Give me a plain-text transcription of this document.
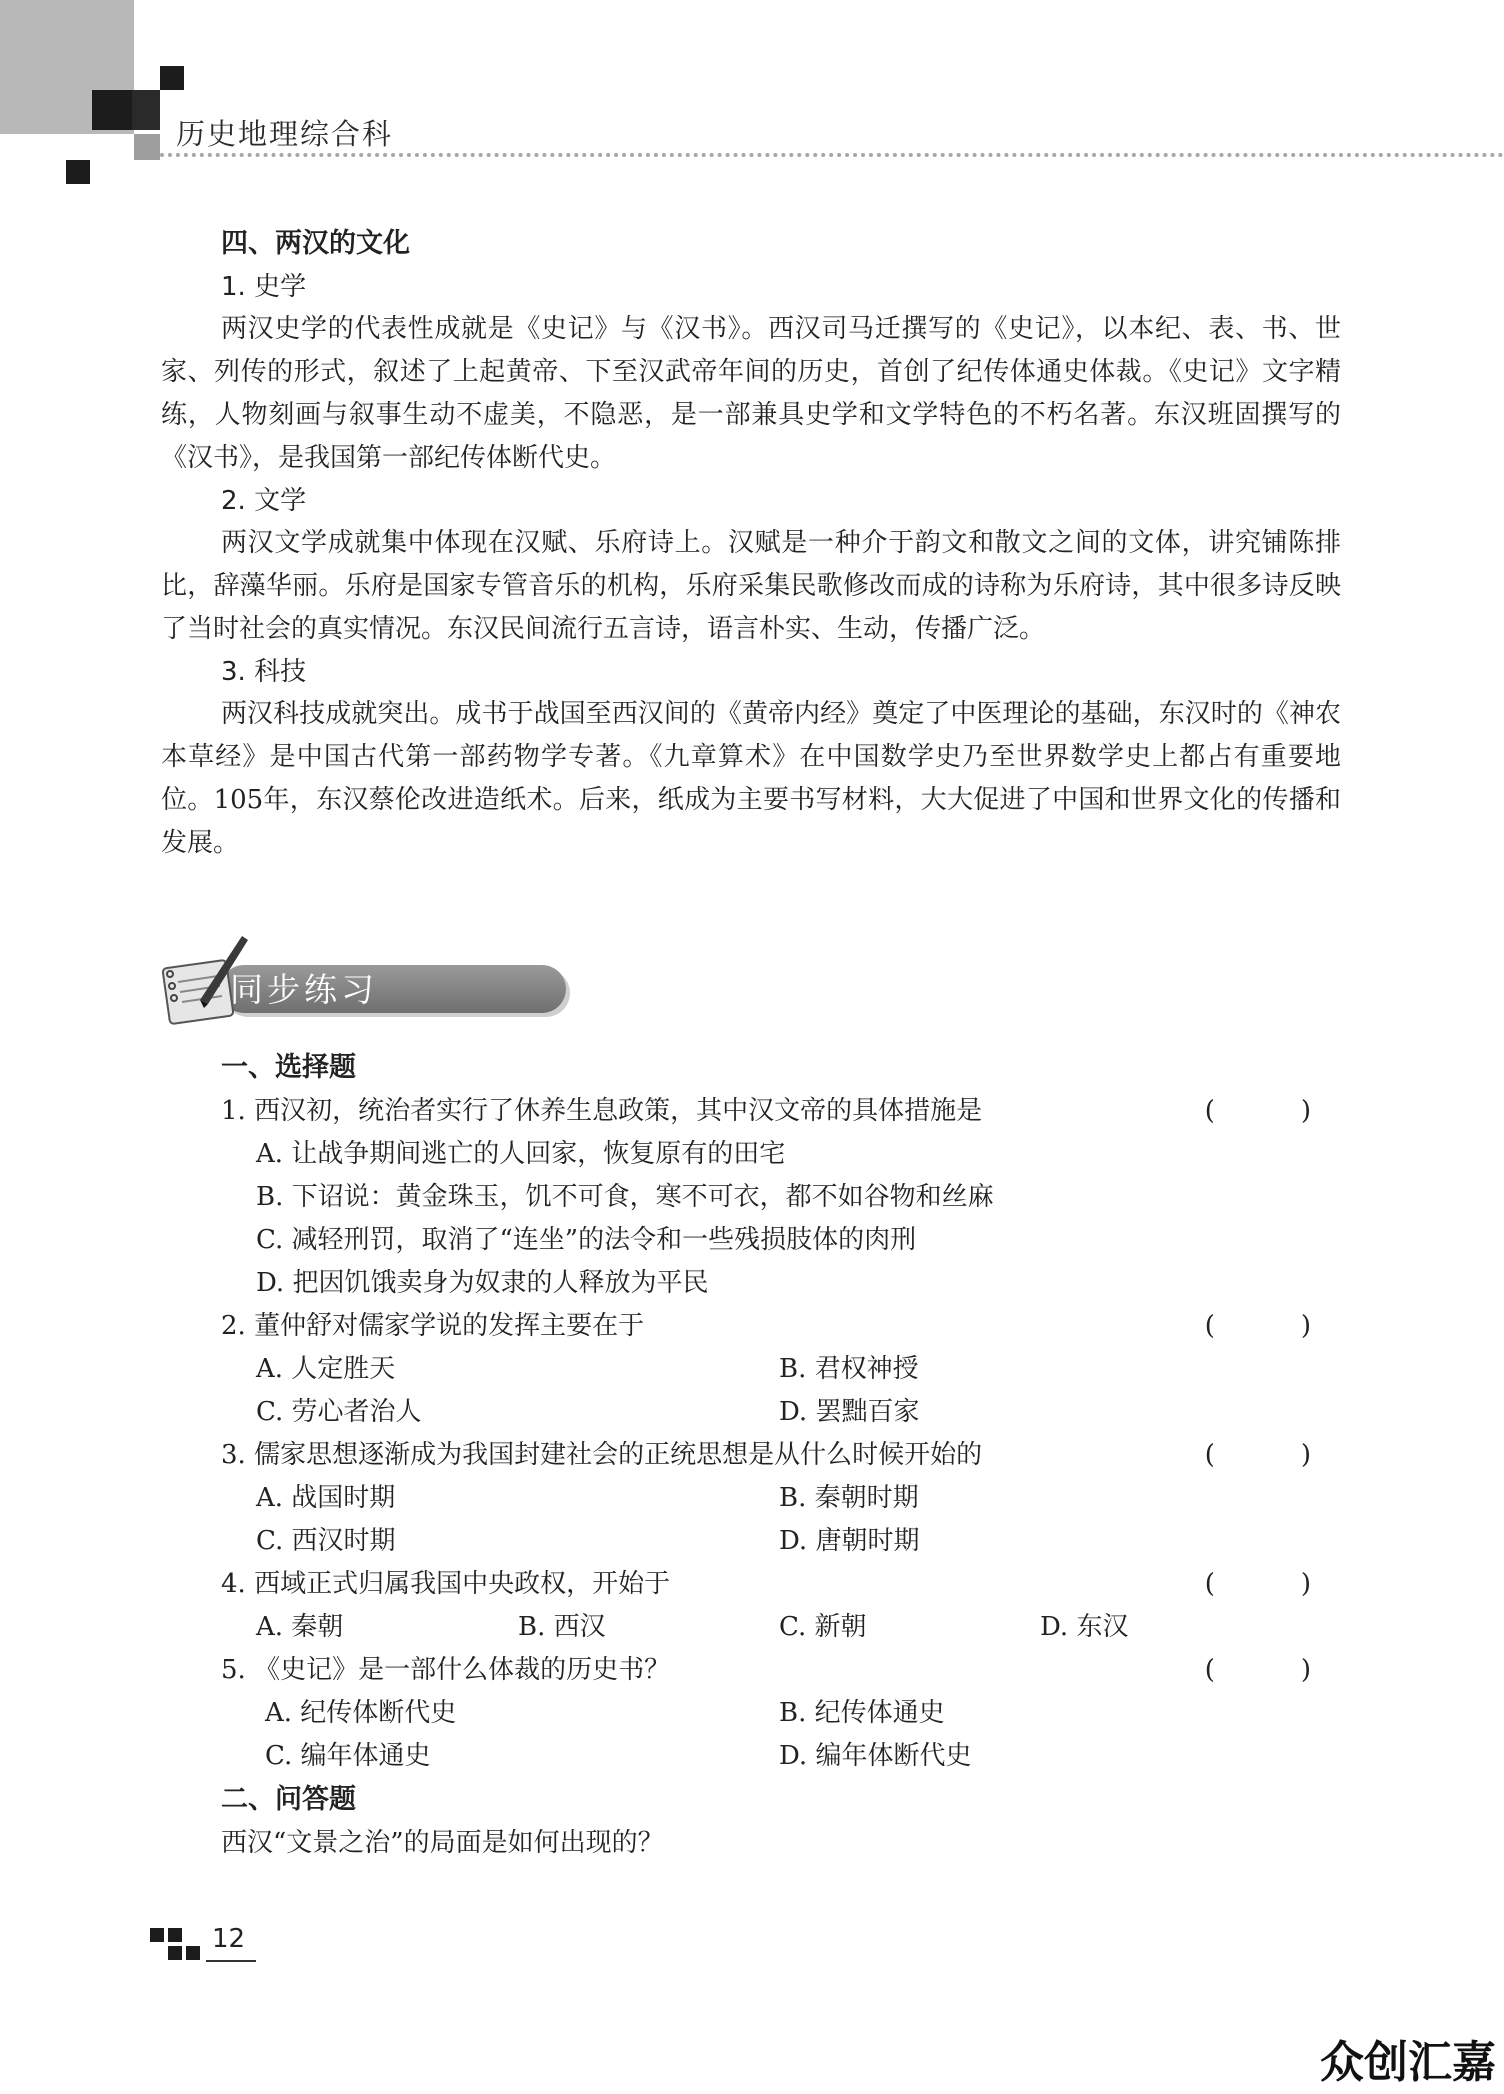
历史地理综合科
四、两汉的文化
1. 史学

两汉史学的代表性成就是《史记》与《汉书》。西汉司马迁撰写的《史记》，以本纪、表、书、世家、列传的形式，叙述了上起黄帝、下至汉武帝年间的历史，首创了纪传体通史体裁。《史记》文字精练，人物刻画与叙事生动不虚美，不隐恶，是一部兼具史学和文学特色的不朽名著。东汉班固撰写的《汉书》，是我国第一部纪传体断代史。

2. 文学

两汉文学成就集中体现在汉赋、乐府诗上。汉赋是一种介于韵文和散文之间的文体，讲究铺陈排比，辞藻华丽。乐府是国家专管音乐的机构，乐府采集民歌修改而成的诗称为乐府诗，其中很多诗反映了当时社会的真实情况。东汉民间流行五言诗，语言朴实、生动，传播广泛。

3. 科技

两汉科技成就突出。成书于战国至西汉间的《黄帝内经》奠定了中医理论的基础，东汉时的《神农本草经》是中国古代第一部药物学专著。《九章算术》在中国数学史乃至世界数学史上都占有重要地位。105年，东汉蔡伦改进造纸术。后来，纸成为主要书写材料，大大促进了中国和世界文化的传播和发展。

同步练习
一、选择题
1. 西汉初，统治者实行了休养生息政策，其中汉文帝的具体措施是	(　)
A. 让战争期间逃亡的人回家，恢复原有的田宅
B. 下诏说：黄金珠玉，饥不可食，寒不可衣，都不如谷物和丝麻
C. 减轻刑罚，取消了“连坐”的法令和一些残损肢体的肉刑
D. 把因饥饿卖身为奴隶的人释放为平民
2. 董仲舒对儒家学说的发挥主要在于	(　)
A. 人定胜天	B. 君权神授
C. 劳心者治人	D. 罢黜百家
3. 儒家思想逐渐成为我国封建社会的正统思想是从什么时候开始的	(　)
A. 战国时期	B. 秦朝时期
C. 西汉时期	D. 唐朝时期
4. 西域正式归属我国中央政权，开始于	(　)
A. 秦朝	B. 西汉	C. 新朝	D. 东汉
5. 《史记》是一部什么体裁的历史书？	(　)
A. 纪传体断代史	B. 纪传体通史
C. 编年体通史	D. 编年体断代史
二、问答题
西汉“文景之治”的局面是如何出现的？
12
众创汇嘉
